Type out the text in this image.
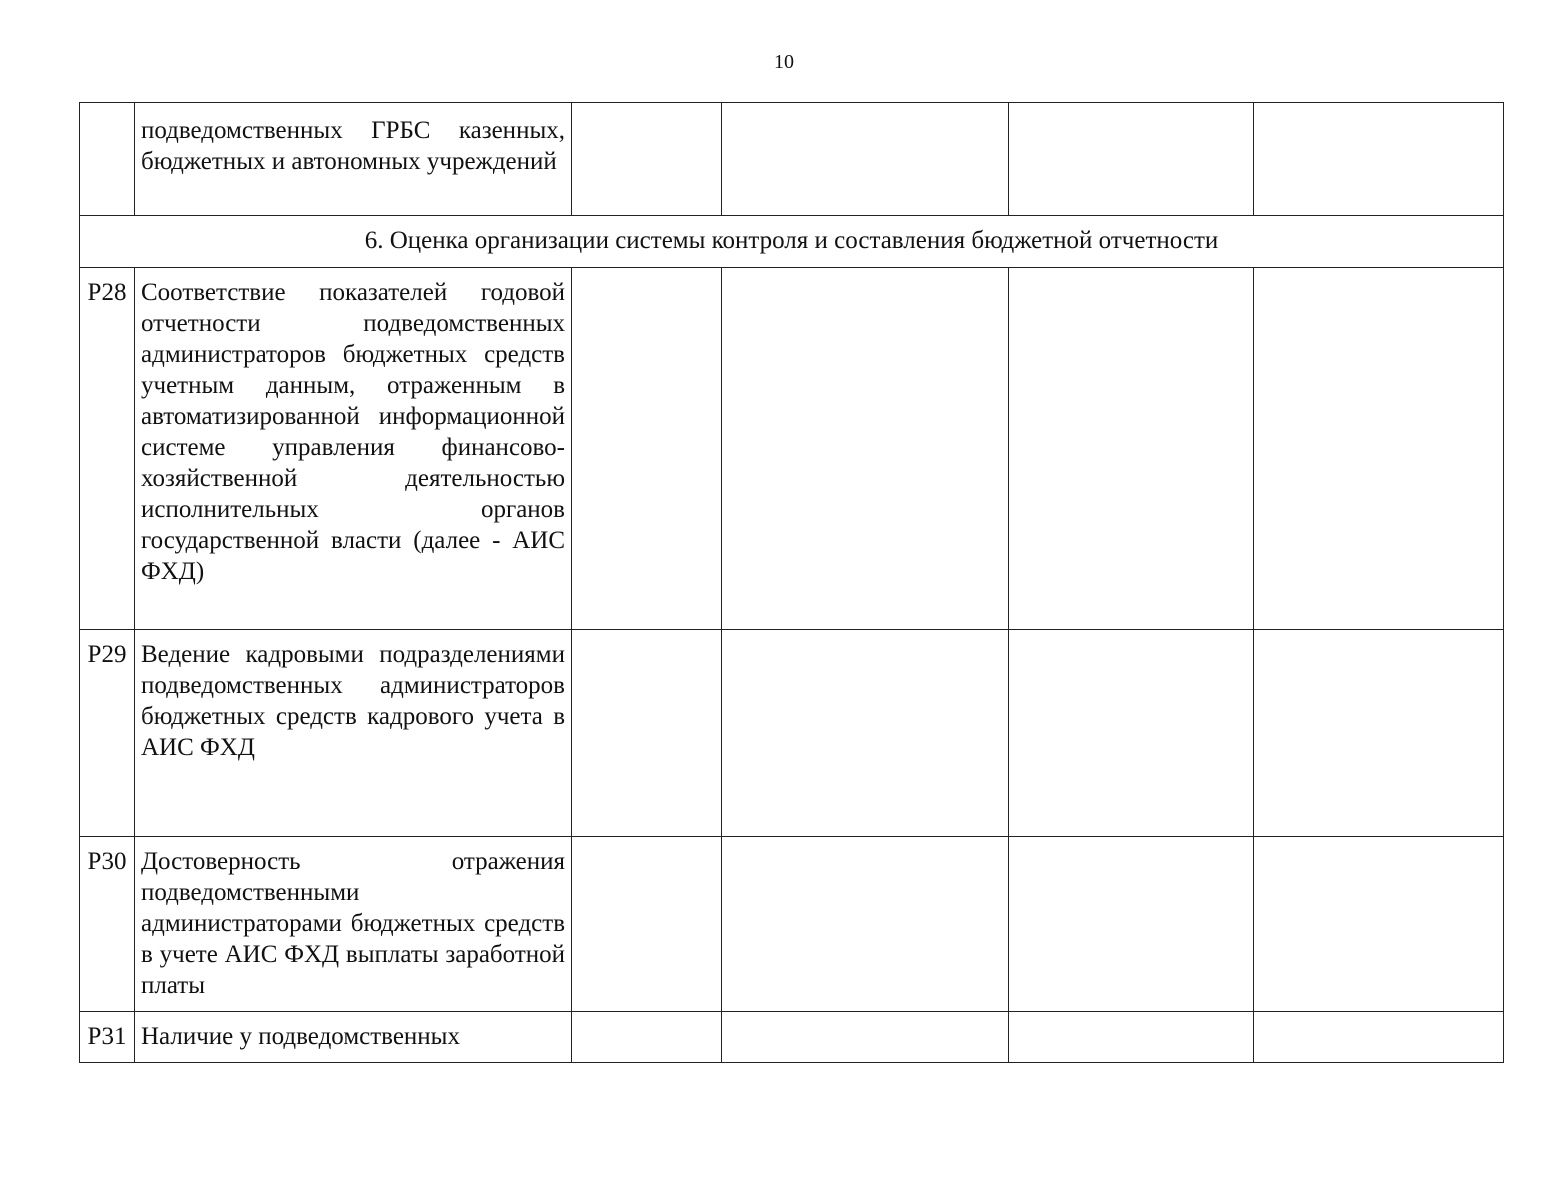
10
	подведомственных ГРБС казенных, бюджетных и автономных учреждений				
6. Оценка организации системы контроля и составления бюджетной отчетности					
Р28	Соответствие показателей годовой отчетности подведомственных администраторов бюджетных средств учетным данным, отраженным в автоматизированной информационной системе управления финансово-хозяйственной деятельностью исполнительных органов государственной власти (далее - АИС ФХД)				
Р29	Ведение кадровыми подразделениями подведомственных администраторов бюджетных средств кадрового учета в АИС ФХД				
Р30	Достоверность отражения подведомственными администраторами бюджетных средств в учете АИС ФХД выплаты заработной платы				
Р31	Наличие у подведомственных				
